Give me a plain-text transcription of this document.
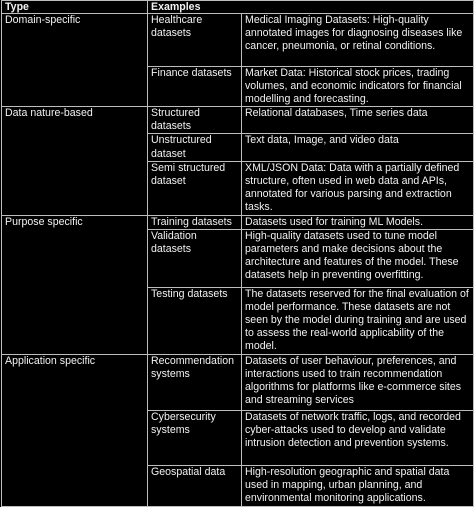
Type	Examples	
Domain-specific	Healthcare datasets	Medical Imaging Datasets: High-quality annotated images for diagnosing diseases like cancer, pneumonia, or retinal conditions.
	Finance datasets	Market Data: Historical stock prices, trading volumes, and economic indicators for financial modelling and forecasting.
Data nature-based	Structured datasets	Relational databases, Time series data
	Unstructured dataset	Text data, Image, and video data
	Semi structured dataset	XML/JSON Data: Data with a partially defined structure, often used in web data and APIs, annotated for various parsing and extraction tasks.
Purpose specific	Training datasets	Datasets used for training ML Models.
	Validation datasets	High-quality datasets used to tune model parameters and make decisions about the architecture and features of the model. These datasets help in preventing overfitting.
	Testing datasets	The datasets reserved for the final evaluation of model performance. These datasets are not seen by the model during training and are used to assess the real-world applicability of the model.
Application specific	Recommendation systems	Datasets of user behaviour, preferences, and interactions used to train recommendation algorithms for platforms like e-commerce sites and streaming services
	Cybersecurity systems	Datasets of network traffic, logs, and recorded cyber-attacks used to develop and validate intrusion detection and prevention systems.
	Geospatial data	High-resolution geographic and spatial data used in mapping, urban planning, and environmental monitoring applications.
